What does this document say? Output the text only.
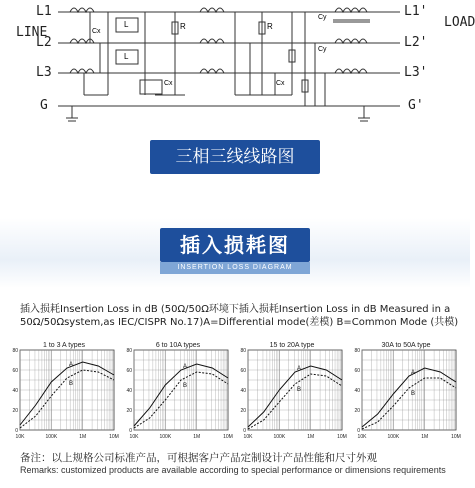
L1
L2
L3
G
L1'
L2'
L3'
G'
LINE
LOAD
Cx
Cx	Cx
Cy
Cy
L
L
R	R
三相三线线路图
插入损耗图
INSERTION LOSS DIAGRAM
插入损耗Insertion Loss in dB (50Ω/50Ω环境下插入损耗Insertion Loss in dB Measured in a 50Ω/50Ωsystem,as IEC/CISPR No.17)A=Differential mode(差模) B=Common Mode (共模)
1 to 3 A types	6 to 10A types	15 to 20A type	30A to 50A type
10K	100K	1M	10M
0
20
40
60
80
A
B
10K	100K	1M	10M
0
20
40
60
80
A
B
10K	100K	1M	10M
0
20
40
60
80
A
B
10K	100K	1M	10M
0
20
40
60
80
A
B
备注：以上规格公司标准产品，可根据客户产品定制设计产品性能和尺寸外观
Remarks: customized products are available according to special performance or dimensions requirements
